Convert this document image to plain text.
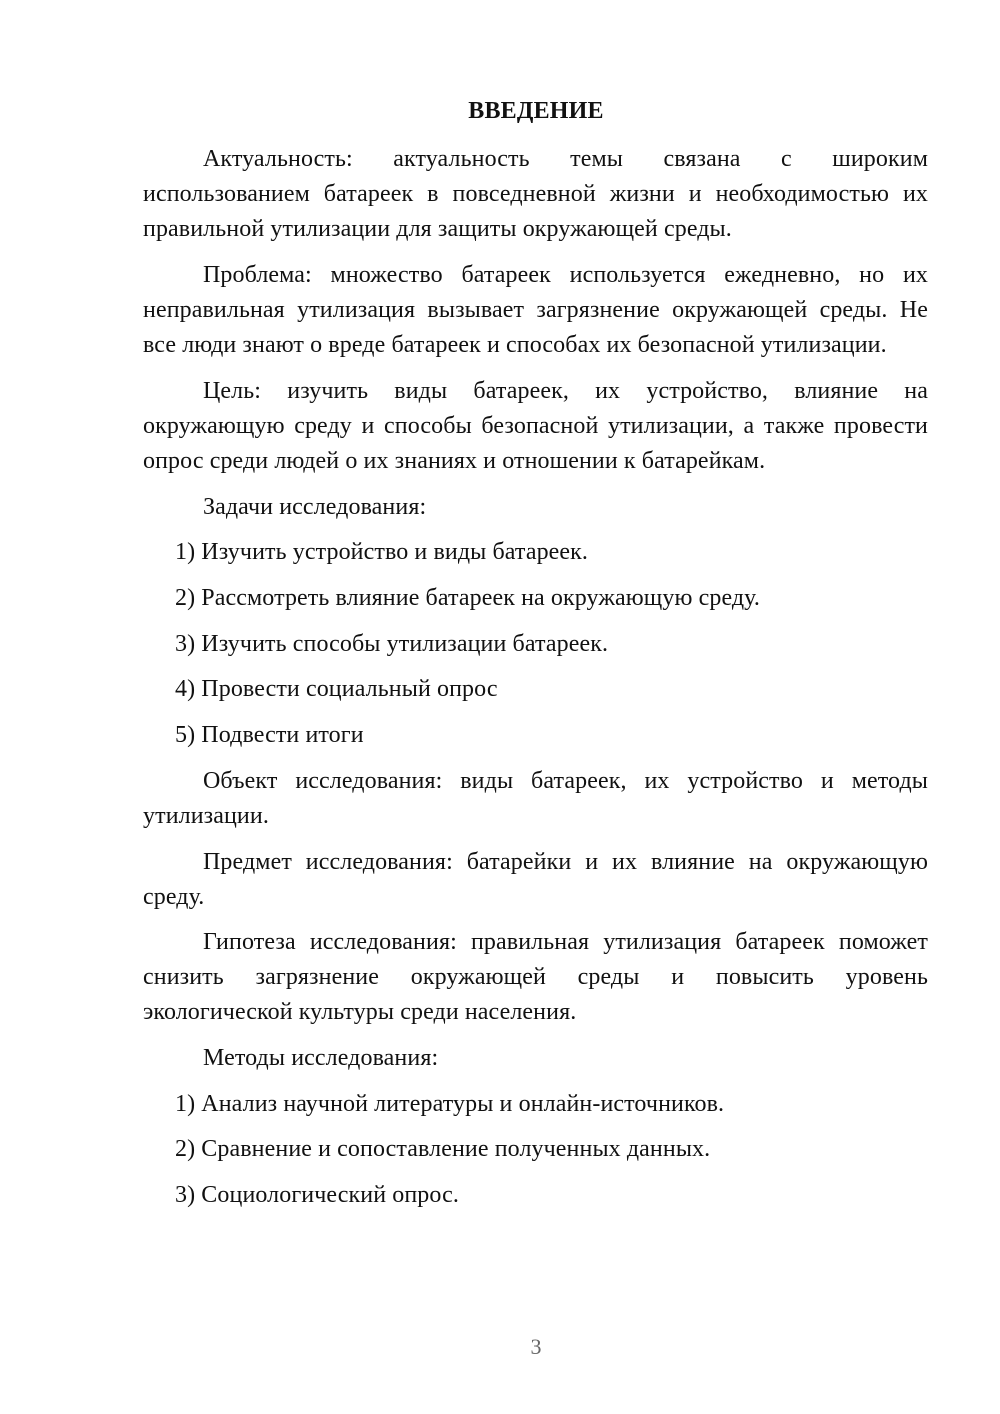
ВВЕДЕНИЕ

Актуальность: актуальность темы связана с широким использованием батареек в повседневной жизни и необходимостью их правильной утилизации для защиты окружающей среды.

Проблема: множество батареек используется ежедневно, но их неправильная утилизация вызывает загрязнение окружающей среды. Не все люди знают о вреде батареек и способах их безопасной утилизации.

Цель: изучить виды батареек, их устройство, влияние на окружающую среду и способы безопасной утилизации, а также провести опрос среди людей о их знаниях и отношении к батарейкам.

Задачи исследования:
1) Изучить устройство и виды батареек.
2) Рассмотреть влияние батареек на окружающую среду.
3) Изучить способы утилизации батареек.
4) Провести социальный опрос
5) Подвести итоги

Объект исследования: виды батареек, их устройство и методы утилизации.

Предмет исследования: батарейки и их влияние на окружающую среду.

Гипотеза исследования: правильная утилизация батареек поможет снизить загрязнение окружающей среды и повысить уровень экологической культуры среди населения.

Методы исследования:
1) Анализ научной литературы и онлайн-источников.
2) Сравнение и сопоставление полученных данных.
3) Социологический опрос.
3
